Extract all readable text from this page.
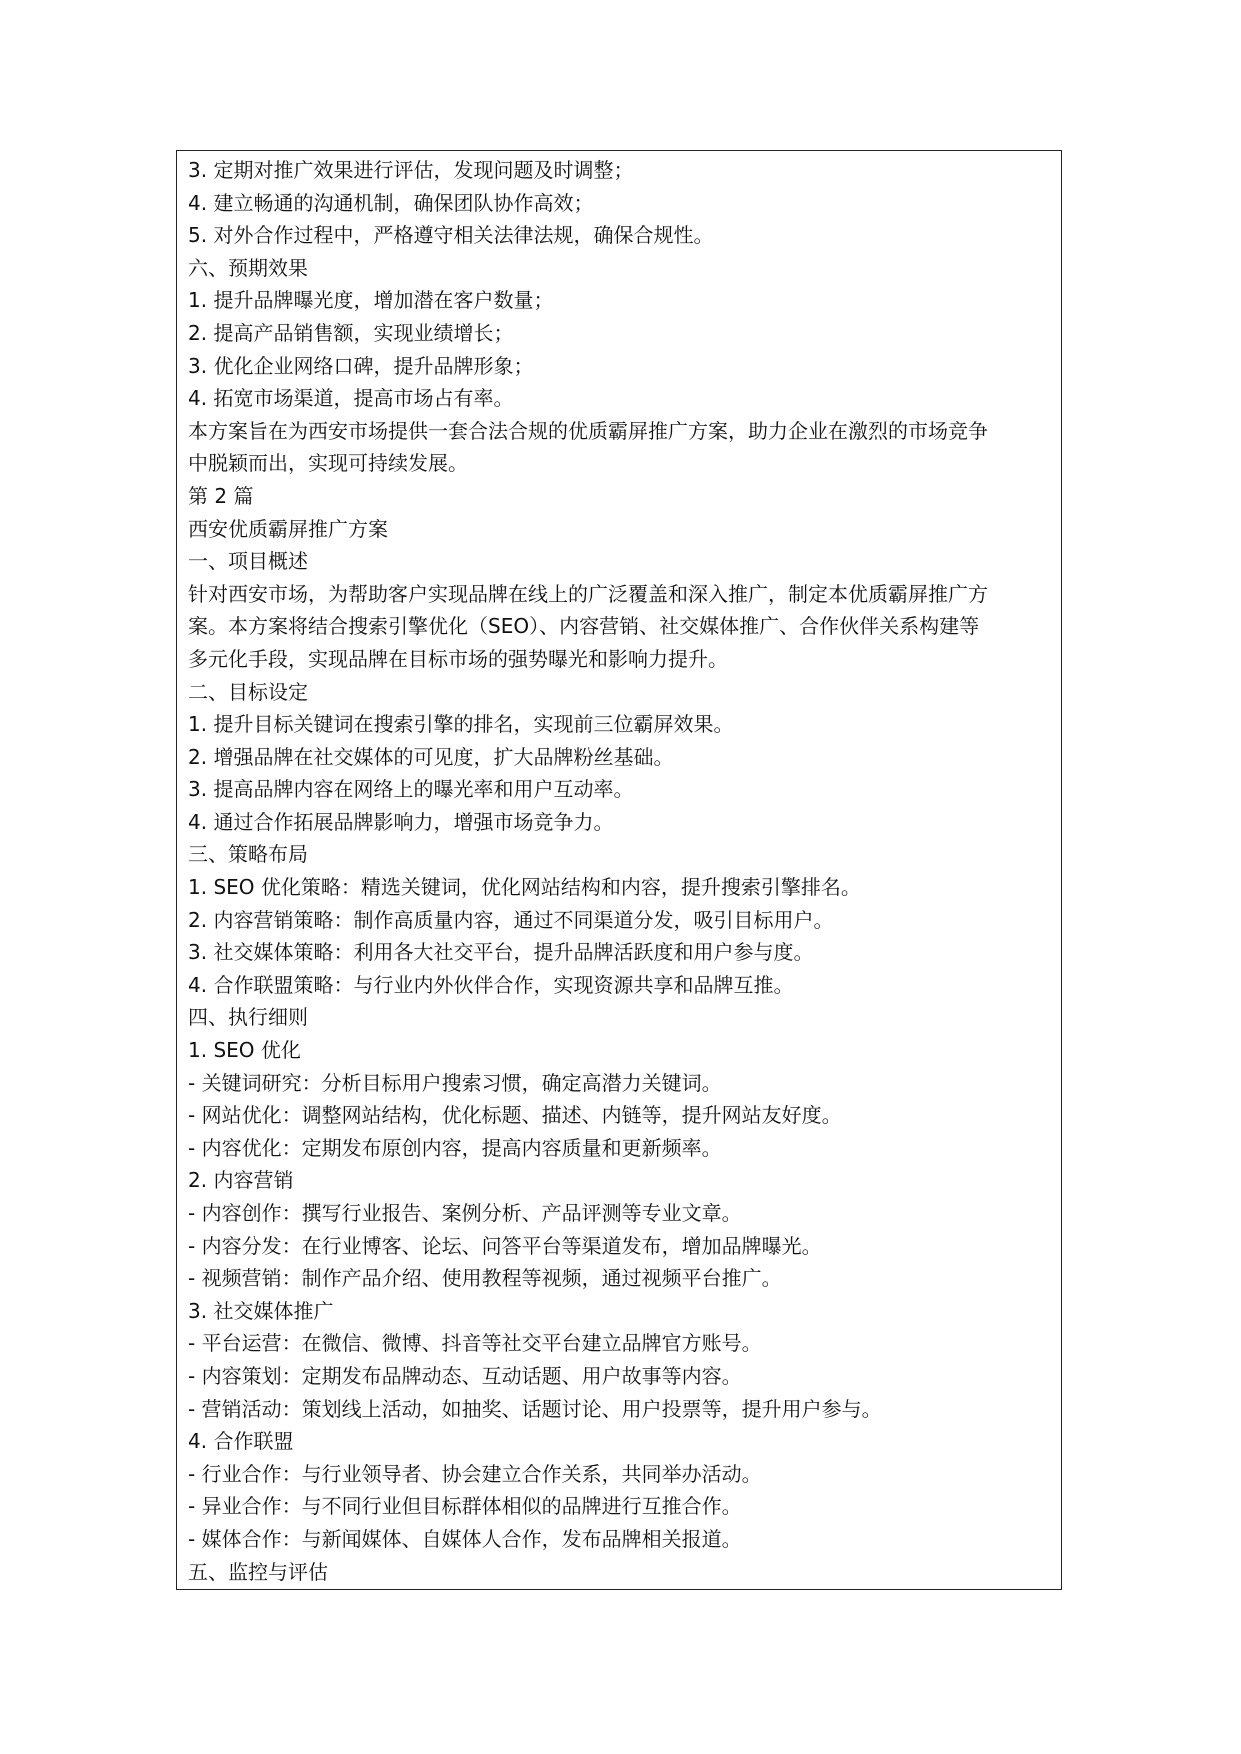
3. 定期对推广效果进行评估，发现问题及时调整；
4. 建立畅通的沟通机制，确保团队协作高效；
5. 对外合作过程中，严格遵守相关法律法规，确保合规性。
六、预期效果
1. 提升品牌曝光度，增加潜在客户数量；
2. 提高产品销售额，实现业绩增长；
3. 优化企业网络口碑，提升品牌形象；
4. 拓宽市场渠道，提高市场占有率。
本方案旨在为西安市场提供一套合法合规的优质霸屏推广方案，助力企业在激烈的市场竞争
中脱颖而出，实现可持续发展。
第 2 篇
西安优质霸屏推广方案
一、项目概述
针对西安市场，为帮助客户实现品牌在线上的广泛覆盖和深入推广，制定本优质霸屏推广方
案。本方案将结合搜索引擎优化（SEO）、内容营销、社交媒体推广、合作伙伴关系构建等
多元化手段，实现品牌在目标市场的强势曝光和影响力提升。
二、目标设定
1. 提升目标关键词在搜索引擎的排名，实现前三位霸屏效果。
2. 增强品牌在社交媒体的可见度，扩大品牌粉丝基础。
3. 提高品牌内容在网络上的曝光率和用户互动率。
4. 通过合作拓展品牌影响力，增强市场竞争力。
三、策略布局
1. SEO 优化策略：精选关键词，优化网站结构和内容，提升搜索引擎排名。
2. 内容营销策略：制作高质量内容，通过不同渠道分发，吸引目标用户。
3. 社交媒体策略：利用各大社交平台，提升品牌活跃度和用户参与度。
4. 合作联盟策略：与行业内外伙伴合作，实现资源共享和品牌互推。
四、执行细则
1. SEO 优化
- 关键词研究：分析目标用户搜索习惯，确定高潜力关键词。
- 网站优化：调整网站结构，优化标题、描述、内链等，提升网站友好度。
- 内容优化：定期发布原创内容，提高内容质量和更新频率。
2. 内容营销
- 内容创作：撰写行业报告、案例分析、产品评测等专业文章。
- 内容分发：在行业博客、论坛、问答平台等渠道发布，增加品牌曝光。
- 视频营销：制作产品介绍、使用教程等视频，通过视频平台推广。
3. 社交媒体推广
- 平台运营：在微信、微博、抖音等社交平台建立品牌官方账号。
- 内容策划：定期发布品牌动态、互动话题、用户故事等内容。
- 营销活动：策划线上活动，如抽奖、话题讨论、用户投票等，提升用户参与。
4. 合作联盟
- 行业合作：与行业领导者、协会建立合作关系，共同举办活动。
- 异业合作：与不同行业但目标群体相似的品牌进行互推合作。
- 媒体合作：与新闻媒体、自媒体人合作，发布品牌相关报道。
五、监控与评估
